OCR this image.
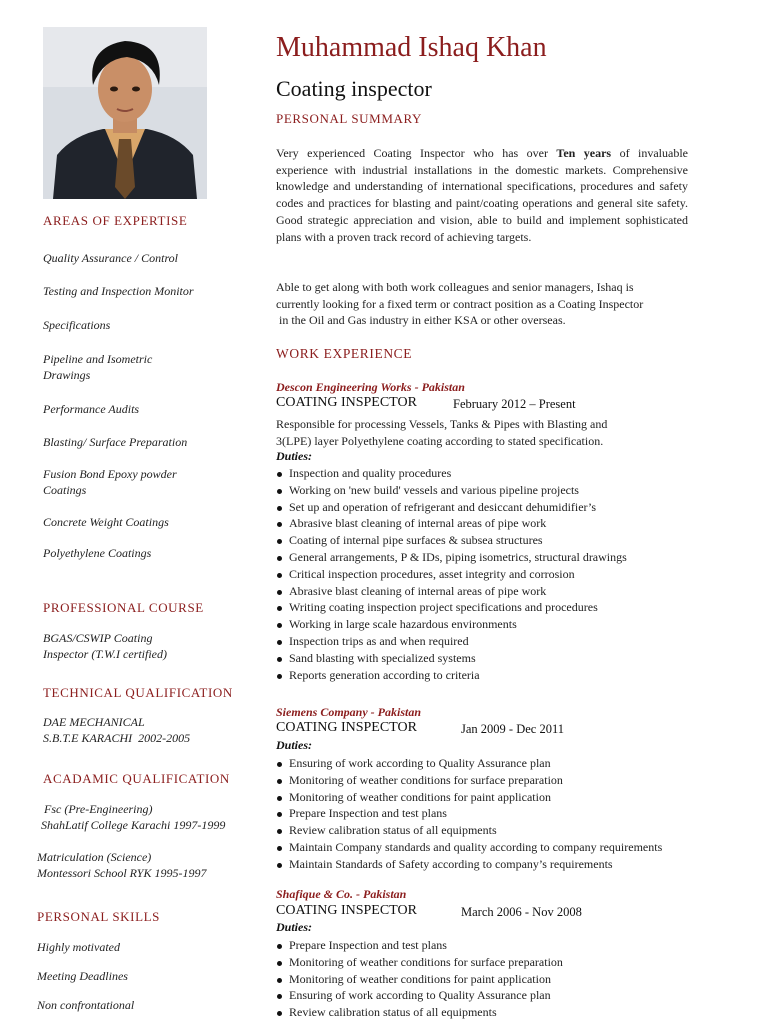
AREAS OF EXPERTISE
Quality Assurance / Control
Testing and Inspection Monitor
Specifications
Pipeline and Isometric
Drawings
Performance Audits
Blasting/ Surface Preparation
Fusion Bond Epoxy powder
Coatings
Concrete Weight Coatings
Polyethylene Coatings
PROFESSIONAL COURSE
BGAS/CSWIP Coating
Inspector (T.W.I certified)
TECHNICAL QUALIFICATION
DAE MECHANICAL
S.B.T.E KARACHI  2002-2005
ACADAMIC QUALIFICATION
Fsc (Pre-Engineering)
ShahLatif College Karachi 1997-1999
Matriculation (Science)
Montessori School RYK 1995-1997
PERSONAL SKILLS
Highly motivated
Meeting Deadlines
Non confrontational
Muhammad Ishaq Khan
Coating inspector
PERSONAL SUMMARY
Very experienced Coating Inspector who has over Ten years of invaluable experience with industrial installations in the domestic markets. Comprehensive knowledge and understanding of international specifications, procedures and safety codes and practices for blasting and paint/coating operations and general site safety. Good strategic appreciation and vision, able to build and implement sophisticated plans with a proven track record of achieving targets.
Able to get along with both work colleagues and senior managers, Ishaq is
currently looking for a fixed term or contract position as a Coating Inspector
in the Oil and Gas industry in either KSA or other overseas.
WORK EXPERIENCE
Descon Engineering Works - Pakistan
COATING INSPECTOR	February 2012 – Present
Responsible for processing Vessels, Tanks & Pipes with Blasting and
3(LPE) layer Polyethylene coating according to stated specification.
Duties:
Inspection and quality procedures
Working on 'new build' vessels and various pipeline projects
Set up and operation of refrigerant and desiccant dehumidifier’s
Abrasive blast cleaning of internal areas of pipe work
Coating of internal pipe surfaces & subsea structures
General arrangements, P & IDs, piping isometrics, structural drawings
Critical inspection procedures, asset integrity and corrosion
Abrasive blast cleaning of internal areas of pipe work
Writing coating inspection project specifications and procedures
Working in large scale hazardous environments
Inspection trips as and when required
Sand blasting with specialized systems
Reports generation according to criteria
Siemens Company - Pakistan
COATING INSPECTOR	Jan 2009 - Dec 2011
Duties:
Ensuring of work according to Quality Assurance plan
Monitoring of weather conditions for surface preparation
Monitoring of weather conditions for paint application
Prepare Inspection and test plans
Review calibration status of all equipments
Maintain Company standards and quality according to company requirements
Maintain Standards of Safety according to company’s requirements
Shafique & Co. - Pakistan
COATING INSPECTOR	March 2006 - Nov 2008
Duties:
Prepare Inspection and test plans
Monitoring of weather conditions for surface preparation
Monitoring of weather conditions for paint application
Ensuring of work according to Quality Assurance plan
Review calibration status of all equipments
